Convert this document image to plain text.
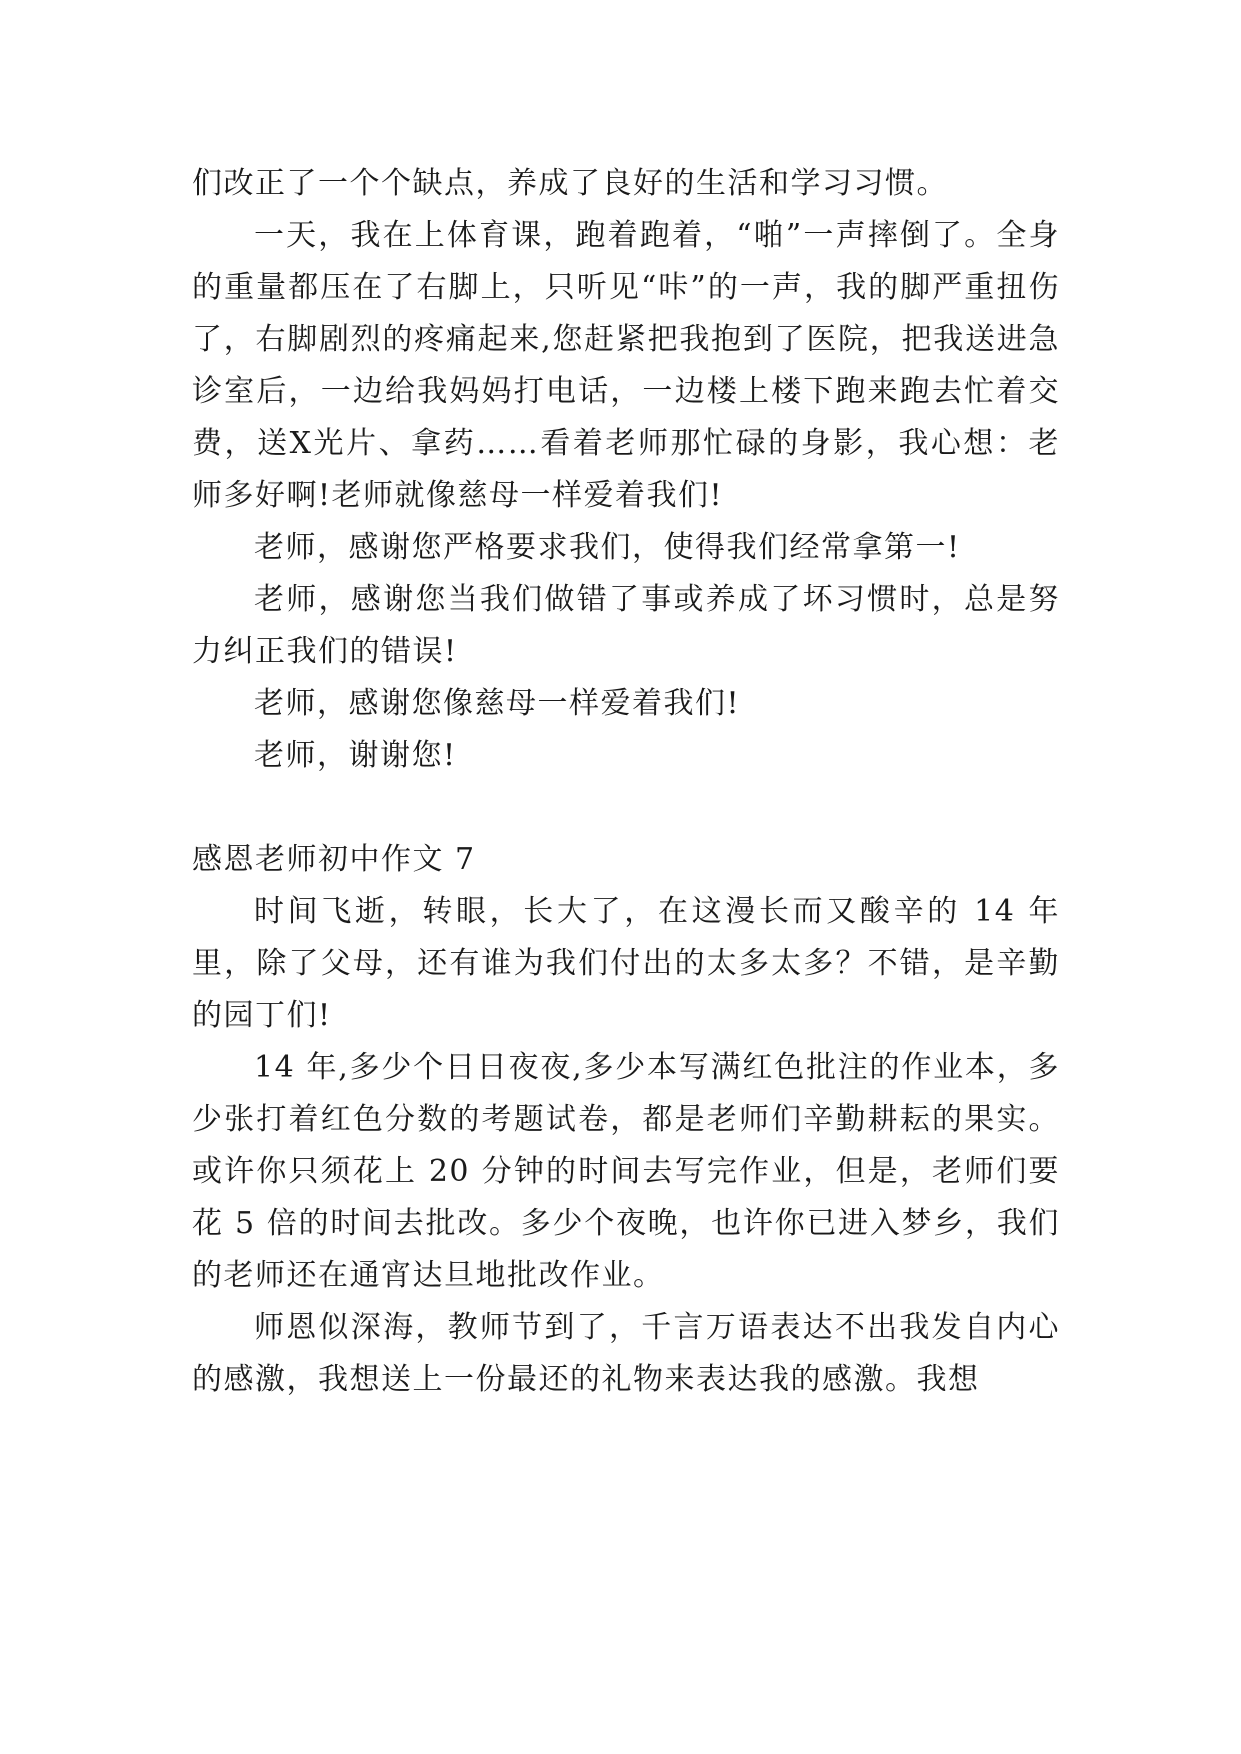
们改正了一个个缺点，养成了良好的生活和学习习惯。

一天，我在上体育课，跑着跑着，“啪”一声摔倒了。全身的重量都压在了右脚上，只听见“咔”的一声，我的脚严重扭伤了，右脚剧烈的疼痛起来,您赶紧把我抱到了医院，把我送进急诊室后，一边给我妈妈打电话，一边楼上楼下跑来跑去忙着交费，送X光片、拿药……看着老师那忙碌的身影，我心想：老师多好啊!老师就像慈母一样爱着我们!

老师，感谢您严格要求我们，使得我们经常拿第一!

老师，感谢您当我们做错了事或养成了坏习惯时，总是努力纠正我们的错误!

老师，感谢您像慈母一样爱着我们!

老师，谢谢您!

感恩老师初中作文 7

时间飞逝，转眼，长大了，在这漫长而又酸辛的 14 年里，除了父母，还有谁为我们付出的太多太多？不错，是辛勤的园丁们!

14 年,多少个日日夜夜,多少本写满红色批注的作业本，多少张打着红色分数的考题试卷，都是老师们辛勤耕耘的果实。或许你只须花上 20 分钟的时间去写完作业，但是，老师们要花 5 倍的时间去批改。多少个夜晚，也许你已进入梦乡，我们的老师还在通宵达旦地批改作业。

师恩似深海，教师节到了，千言万语表达不出我发自内心的感激，我想送上一份最还的礼物来表达我的感激。我想
